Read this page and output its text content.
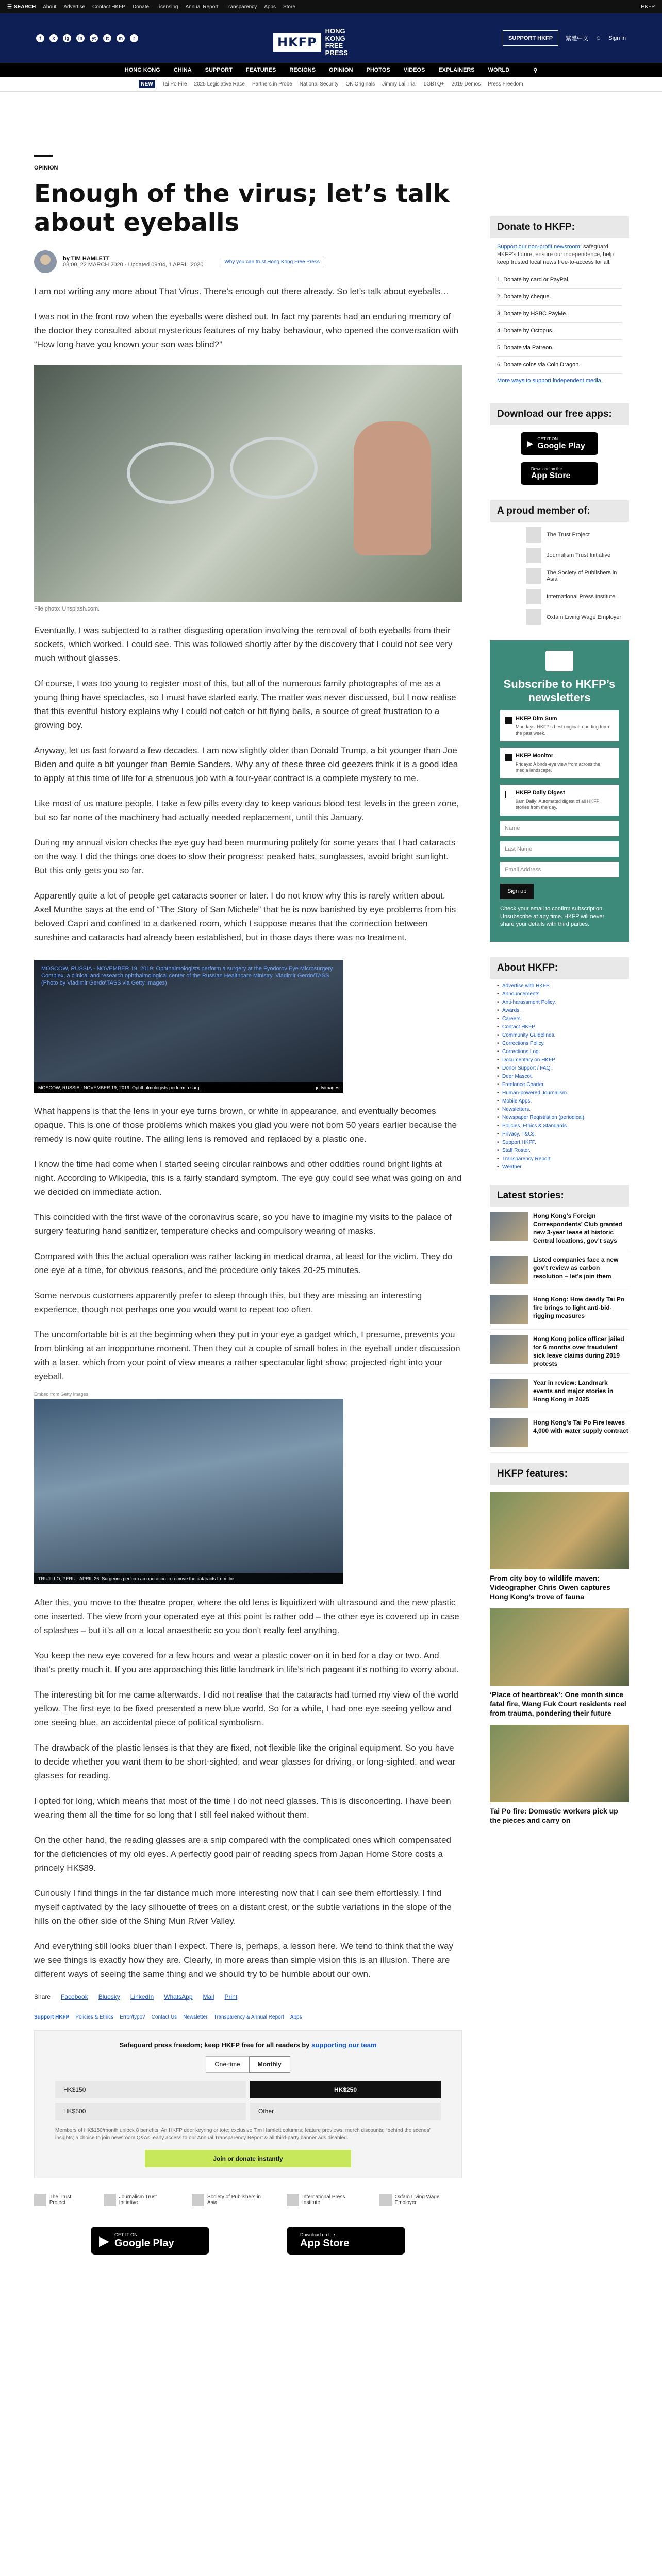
☰ SEARCH About Advertise Contact HKFP Donate Licensing Annual Report Transparency Apps Store	HKFP
f	x	ig	in	yt	tt	m	r	HKFP
HONG KONG FREE PRESS
SUPPORT HKFP	繁體中文 ☺ Sign in
HONG KONG CHINA SUPPORT FEATURES REGIONS OPINION PHOTOS VIDEOS EXPLAINERS WORLD	⚲
NEW	Tai Po Fire 2025 Legislative Race Partners in Probe National Security OK Originals Jimmy Lai Trial LGBTQ+ 2019 Demos Press Freedom
OPINION
Enough of the virus; let’s talk about eyeballs
by TIM HAMLETT
08:00, 22 MARCH 2020 · Updated 09:04, 1 APRIL 2020	Why you can trust Hong Kong Free Press

I am not writing any more about That Virus. There’s enough out there already. So let’s talk about eyeballs…

I was not in the front row when the eyeballs were dished out. In fact my parents had an enduring memory of the doctor they consulted about mysterious features of my baby behaviour, who opened the conversation with “How long have you known your son was blind?”

File photo: Unsplash.com.

Eventually, I was subjected to a rather disgusting operation involving the removal of both eyeballs from their sockets, which worked. I could see. This was followed shortly after by the discovery that I could not see very much without glasses.

Of course, I was too young to register most of this, but all of the numerous family photographs of me as a young thing have spectacles, so I must have started early. The matter was never discussed, but I now realise that this eventful history explains why I could not catch or hit flying balls, a source of great frustration to a growing boy.

Anyway, let us fast forward a few decades. I am now slightly older than Donald Trump, a bit younger than Joe Biden and quite a bit younger than Bernie Sanders. Why any of these three old geezers think it is a good idea to apply at this time of life for a strenuous job with a four-year contract is a complete mystery to me.

Like most of us mature people, I take a few pills every day to keep various blood test levels in the green zone, but so far none of the machinery had actually needed replacement, until this January.

During my annual vision checks the eye guy had been murmuring politely for some years that I had cataracts on the way. I did the things one does to slow their progress: peaked hats, sunglasses, avoid bright sunlight. But this only gets you so far.

Apparently quite a lot of people get cataracts sooner or later. I do not know why this is rarely written about. Axel Munthe says at the end of “The Story of San Michele” that he is now banished by eye problems from his beloved Capri and confined to a darkened room, which I suppose means that the connection between sunshine and cataracts had already been established, but in those days there was no treatment.

MOSCOW, RUSSIA - NOVEMBER 19, 2019: Ophthalmologists perform a surgery at the Fyodorov Eye Microsurgery Complex, a clinical and research ophthalmological center of the Russian Healthcare Ministry. Vladimir Gerdo/TASS (Photo by Vladimir Gerdo\TASS via Getty Images)
MOSCOW, RUSSIA - NOVEMBER 19, 2019: Ophthalmologists perform a surg...	gettyimages

What happens is that the lens in your eye turns brown, or white in appearance, and eventually becomes opaque. This is one of those problems which makes you glad you were not born 50 years earlier because the remedy is now quite routine. The ailing lens is removed and replaced by a plastic one.

I know the time had come when I started seeing circular rainbows and other oddities round bright lights at night. According to Wikipedia, this is a fairly standard symptom. The eye guy could see what was going on and we decided on immediate action.

This coincided with the first wave of the coronavirus scare, so you have to imagine my visits to the palace of surgery featuring hand sanitizer, temperature checks and compulsory wearing of masks.

Compared with this the actual operation was rather lacking in medical drama, at least for the victim. They do one eye at a time, for obvious reasons, and the procedure only takes 20-25 minutes.

Some nervous customers apparently prefer to sleep through this, but they are missing an interesting experience, though not perhaps one you would want to repeat too often.

The uncomfortable bit is at the beginning when they put in your eye a gadget which, I presume, prevents you from blinking at an inopportune moment. Then they cut a couple of small holes in the eyeball under discussion with a laser, which from your point of view means a rather spectacular light show; projected right into your eyeball.

Embed from Getty Images
TRUJILLO, PERU - APRIL 26: Surgeons perform an operation to remove the cataracts from the...

After this, you move to the theatre proper, where the old lens is liquidized with ultrasound and the new plastic one inserted. The view from your operated eye at this point is rather odd – the other eye is covered up in case of splashes – but it’s all on a local anaesthetic so you don’t really feel anything.

You keep the new eye covered for a few hours and wear a plastic cover on it in bed for a day or two. And that’s pretty much it. If you are approaching this little landmark in life’s rich pageant it’s nothing to worry about.

The interesting bit for me came afterwards. I did not realise that the cataracts had turned my view of the world yellow. The first eye to be fixed presented a new blue world. So for a while, I had one eye seeing yellow and one seeing blue, an accidental piece of political symbolism.

The drawback of the plastic lenses is that they are fixed, not flexible like the original equipment. So you have to decide whether you want them to be short-sighted, and wear glasses for driving, or long-sighted. and wear glasses for reading.

I opted for long, which means that most of the time I do not need glasses. This is disconcerting. I have been wearing them all the time for so long that I still feel naked without them.

On the other hand, the reading glasses are a snip compared with the complicated ones which compensated for the deficiencies of my old eyes. A perfectly good pair of reading specs from Japan Home Store costs a princely HK$89.

Curiously I find things in the far distance much more interesting now that I can see them effortlessly. I find myself captivated by the lacy silhouette of trees on a distant crest, or the subtle variations in the slope of the hills on the other side of the Shing Mun River Valley.

And everything still looks bluer than I expect. There is, perhaps, a lesson here. We tend to think that the way we see things is exactly how they are. Clearly, in more areas than simple vision this is an illusion. There are different ways of seeing the same thing and we should try to be humble about our own.

Share Facebook Bluesky LinkedIn WhatsApp Mail Print
Support HKFP Policies & Ethics Error/typo? Contact Us Newsletter Transparency & Annual Report Apps
Safeguard press freedom; keep HKFP free for all readers by supporting our team
One-time	Monthly
HK$150	HK$250
HK$500	Other
Members of HK$150/month unlock 8 benefits: An HKFP deer keyring or tote; exclusive Tim Hamlett columns; feature previews; merch discounts; “behind the scenes” insights; a choice to join newsroom Q&As, early access to our Annual Transparency Report & all third-party banner ads disabled.
Join or donate instantly
The Trust Project
Journalism Trust Initiative
Society of Publishers in Asia
International Press Institute
Oxfam Living Wage Employer
▶ GET IT ON
Google Play
Download on the
App Store
Donate to HKFP:
Support our non-profit newsroom: safeguard HKFP’s future, ensure our independence, help keep trusted local news free-to-access for all.
1. Donate by card or PayPal.
2. Donate by cheque.
3. Donate by HSBC PayMe.
4. Donate by Octopus.
5. Donate via Patreon.
6. Donate coins via Coin Dragon.
More ways to support independent media.
Download our free apps:
▶
GET IT ON
Google Play
Download on the
App Store
A proud member of:
The Trust Project
Journalism Trust Initiative
The Society of Publishers in Asia
International Press Institute
Oxfam Living Wage Employer
Subscribe to HKFP’s newsletters
HKFP Dim Sum
Mondays: HKFP’s best original reporting from the past week.
HKFP Monitor
Fridays: A birds-eye view from across the media landscape.
HKFP Daily Digest
9am Daily: Automated digest of all HKFP stories from the day.
Name
Last Name
Email Address
Sign up
Check your email to confirm subscription. Unsubscribe at any time. HKFP will never share your details with third parties.
About HKFP:
• Advertise with HKFP.
• Announcements.
• Anti-harassment Policy.
• Awards.
• Careers.
• Contact HKFP.
• Community Guidelines.
• Corrections Policy.
• Corrections Log.
• Documentary on HKFP.
• Donor Support / FAQ.
• Deer Mascot.
• Freelance Charter.
• Human-powered Journalism.
• Mobile Apps.
• Newsletters.
• Newspaper Registration (periodical).
• Policies, Ethics & Standards.
• Privacy, T&Cs.
• Support HKFP.
• Staff Roster.
• Transparency Report.
• Weather.
Latest stories:
Hong Kong’s Foreign Correspondents’ Club granted new 3-year lease at historic Central locations, gov’t says
Listed companies face a new gov’t review as carbon resolution – let’s join them
Hong Kong: How deadly Tai Po fire brings to light anti-bid-rigging measures
Hong Kong police officer jailed for 6 months over fraudulent sick leave claims during 2019 protests
Year in review: Landmark events and major stories in Hong Kong in 2025
Hong Kong’s Tai Po Fire leaves 4,000 with water supply contract
HKFP features:
From city boy to wildlife maven: Videographer Chris Owen captures Hong Kong’s trove of fauna
‘Place of heartbreak’: One month since fatal fire, Wang Fuk Court residents reel from trauma, pondering their future
Tai Po fire: Domestic workers pick up the pieces and carry on
